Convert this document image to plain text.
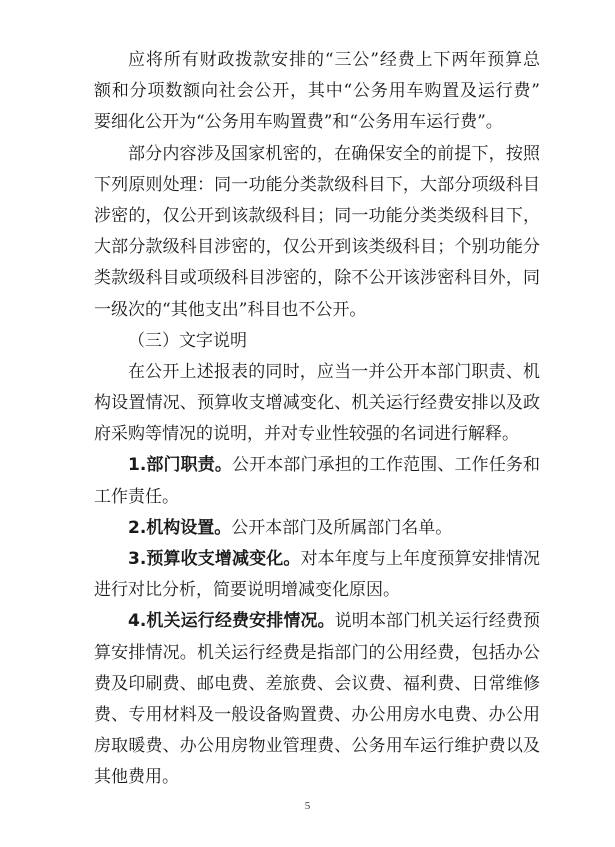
应将所有财政拨款安排的“三公”经费上下两年预算总
额和分项数额向社会公开，其中“公务用车购置及运行费”
要细化公开为“公务用车购置费”和“公务用车运行费”。
部分内容涉及国家机密的，在确保安全的前提下，按照
下列原则处理：同一功能分类款级科目下，大部分项级科目
涉密的，仅公开到该款级科目；同一功能分类类级科目下，
大部分款级科目涉密的，仅公开到该类级科目；个别功能分
类款级科目或项级科目涉密的，除不公开该涉密科目外，同
一级次的“其他支出”科目也不公开。
（三）文字说明
在公开上述报表的同时，应当一并公开本部门职责、机
构设置情况、预算收支增减变化、机关运行经费安排以及政
府采购等情况的说明，并对专业性较强的名词进行解释。
1.部门职责。公开本部门承担的工作范围、工作任务和
工作责任。
2.机构设置。公开本部门及所属部门名单。
3.预算收支增减变化。对本年度与上年度预算安排情况
进行对比分析，简要说明增减变化原因。
4.机关运行经费安排情况。说明本部门机关运行经费预
算安排情况。机关运行经费是指部门的公用经费，包括办公
费及印刷费、邮电费、差旅费、会议费、福利费、日常维修
费、专用材料及一般设备购置费、办公用房水电费、办公用
房取暖费、办公用房物业管理费、公务用车运行维护费以及
其他费用。
5
